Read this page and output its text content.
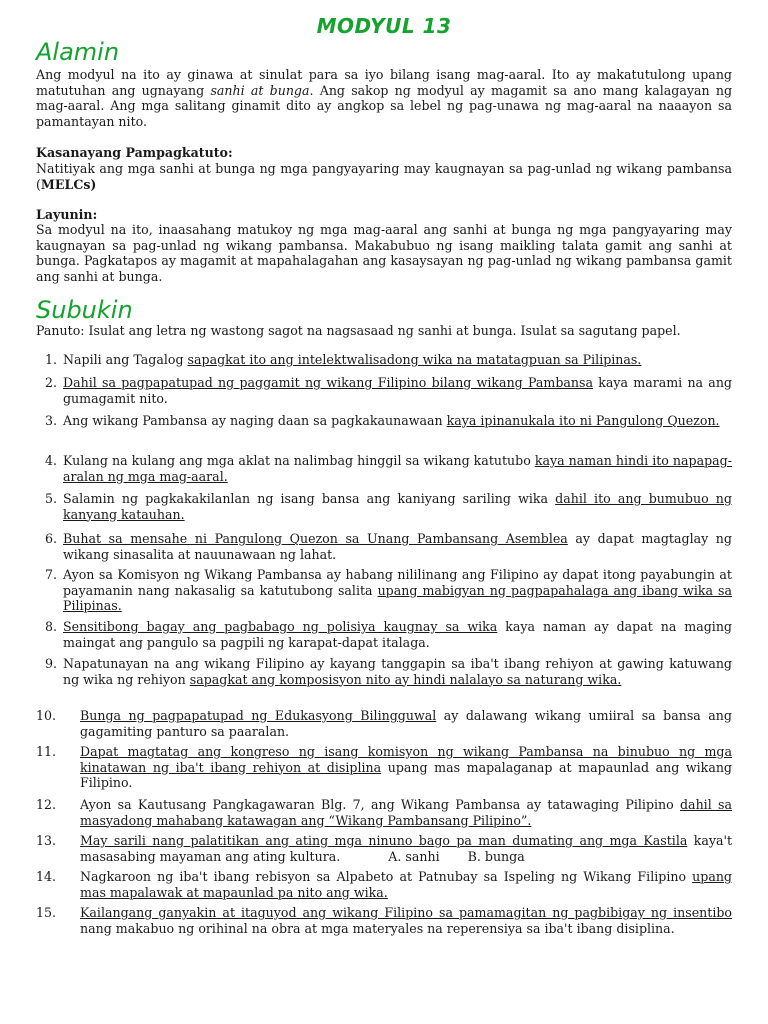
MODYUL 13
Alamin

Ang modyul na ito ay ginawa at sinulat para sa iyo bilang isang mag-aaral. Ito ay makatutulong upang matutuhan ang ugnayang sanhi at bunga. Ang sakop ng modyul ay magamit sa ano mang kalagayan ng mag-aaral. Ang mga salitang ginamit dito ay angkop sa lebel ng pag-unawa ng mag-aaral na naaayon sa pamantayan nito.

Kasanayang Pampagkatuto:

Natitiyak ang mga sanhi at bunga ng mga pangyayaring may kaugnayan sa pag-unlad ng wikang pambansa (MELCs)

Layunin:

Sa modyul na ito, inaasahang matukoy ng mga mag-aaral ang sanhi at bunga ng mga pangyayaring may kaugnayan sa pag-unlad ng wikang pambansa. Makabubuo ng isang maikling talata gamit ang sanhi at bunga. Pagkatapos ay magamit at mapahalagahan ang kasaysayan ng pag-unlad ng wikang pambansa gamit ang sanhi at bunga.

Subukin

Panuto: Isulat ang letra ng wastong sagot na nagsasaad ng sanhi at bunga. Isulat sa sagutang papel.

1. Napili ang Tagalog sapagkat ito ang intelektwalisadong wika na matatagpuan sa Pilipinas.
2. Dahil sa pagpapatupad ng paggamit ng wikang Filipino bilang wikang Pambansa kaya marami na ang gumagamit nito.
3. Ang wikang Pambansa ay naging daan sa pagkakaunawaan kaya ipinanukala ito ni Pangulong Quezon.
4. Kulang na kulang ang mga aklat na nalimbag hinggil sa wikang katutubo kaya naman hindi ito napapag-aralan ng mga mag-aaral.
5. Salamin ng pagkakakilanlan ng isang bansa ang kaniyang sariling wika dahil ito ang bumubuo ng kanyang katauhan.
6. Buhat sa mensahe ni Pangulong Quezon sa Unang Pambansang Asemblea ay dapat magtaglay ng wikang sinasalita at nauunawaan ng lahat.
7. Ayon sa Komisyon ng Wikang Pambansa ay habang nililinang ang Filipino ay dapat itong payabungin at payamanin nang nakasalig sa katutubong salita upang mabigyan ng pagpapahalaga ang ibang wika sa Pilipinas.
8. Sensitibong bagay ang pagbabago ng polisiya kaugnay sa wika kaya naman ay dapat na maging maingat ang pangulo sa pagpili ng karapat-dapat italaga.
9. Napatunayan na ang wikang Filipino ay kayang tanggapin sa iba't ibang rehiyon at gawing katuwang ng wika ng rehiyon sapagkat ang komposisyon nito ay hindi nalalayo sa naturang wika.
10.	Bunga ng pagpapatupad ng Edukasyong Bilingguwal ay dalawang wikang umiiral sa bansa ang gagamiting panturo sa paaralan.
11.	Dapat magtatag ang kongreso ng isang komisyon ng wikang Pambansa na binubuo ng mga kinatawan ng iba't ibang rehiyon at disiplina upang mas mapalaganap at mapaunlad ang wikang Filipino.
12.	Ayon sa Kautusang Pangkagawaran Blg. 7, ang Wikang Pambansa ay tatawaging Pilipino dahil sa masyadong mahabang katawagan ang “Wikang Pambansang Pilipino”.
13.	May sarili nang palatitikan ang ating mga ninuno bago pa man dumating ang mga Kastila kaya't masasabing mayaman ang ating kultura.            A. sanhi       B. bunga
14.	Nagkaroon ng iba't ibang rebisyon sa Alpabeto at Patnubay sa Ispeling ng Wikang Filipino upang mas mapalawak at mapaunlad pa nito ang wika.
15.	Kailangang ganyakin at itaguyod ang wikang Filipino sa pamamagitan ng pagbibigay ng insentibo nang makabuo ng orihinal na obra at mga materyales na reperensiya sa iba't ibang disiplina.
